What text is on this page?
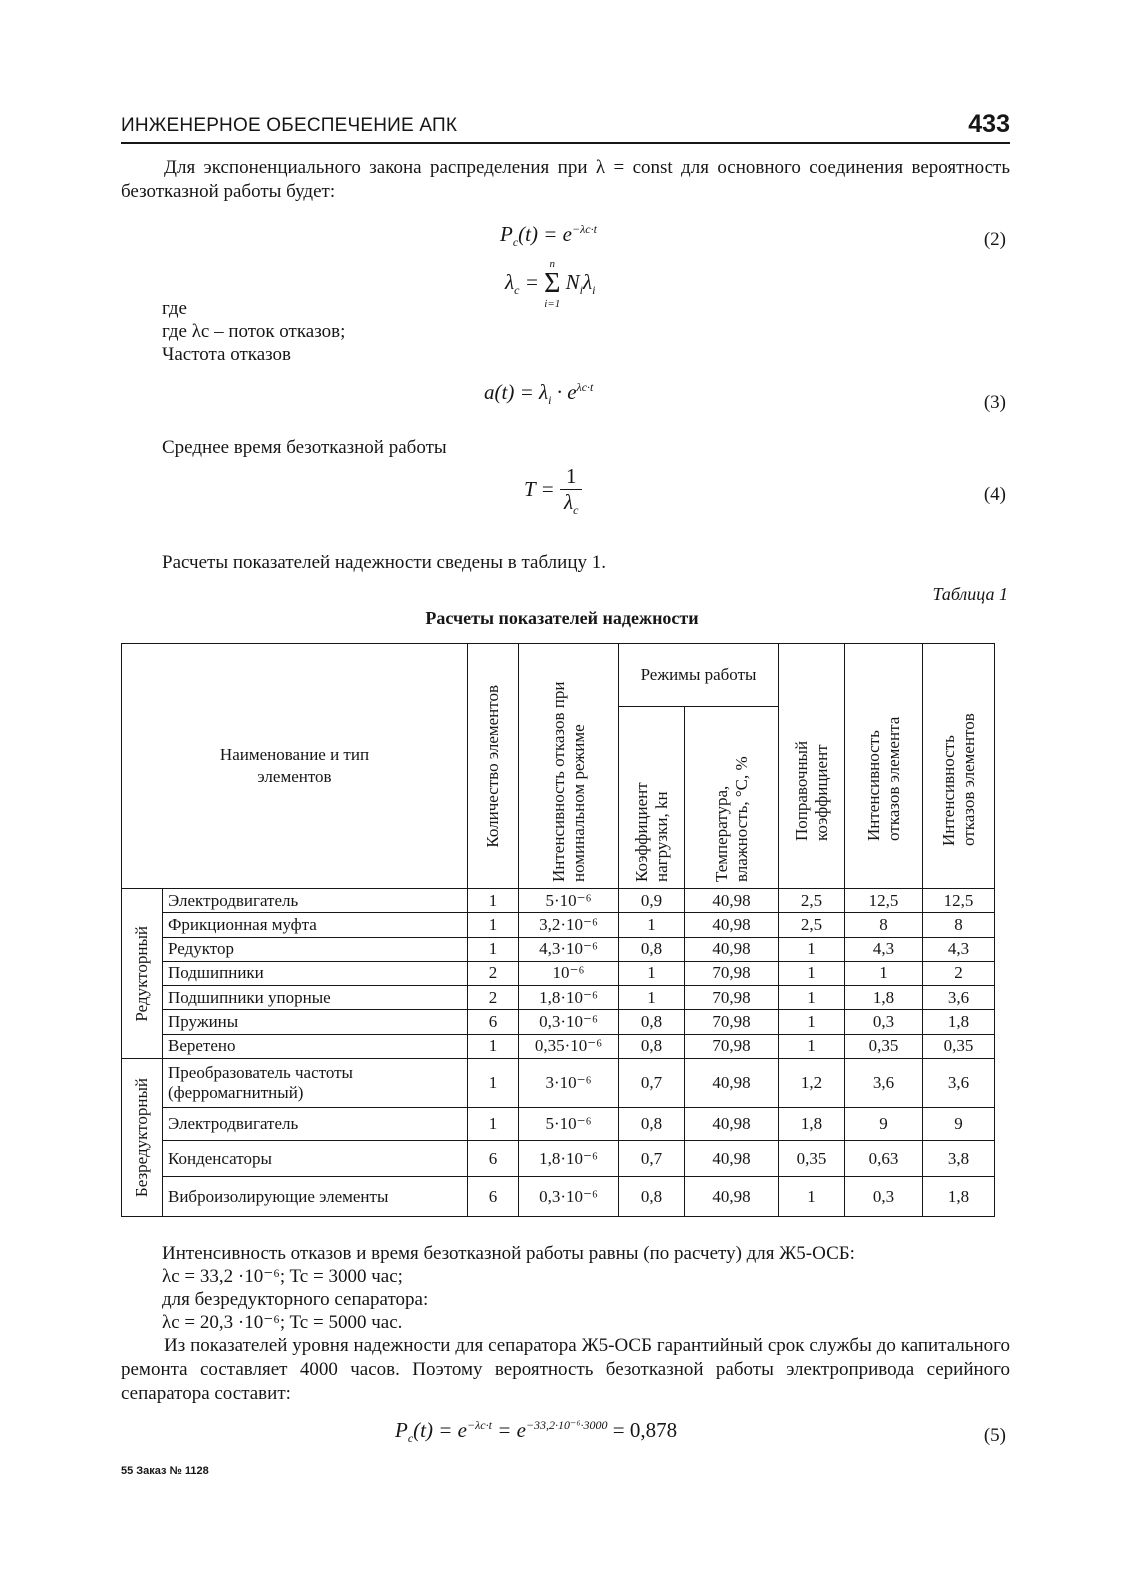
ИНЖЕНЕРНОЕ ОБЕСПЕЧЕНИЕ АПК	433
Для экспоненциального закона распределения при λ = const для основного соединения вероятность безотказной работы будет:
$P_c(t) = e^{-\lambda c\cdot t}$	(2)
$\lambda_c$ =
n
Σ
i=1
$N_i\lambda_i$
где
где λc – поток отказов;
Частота отказов
$a(t) = \lambda_i \cdot e^{\lambda c\cdot t}$
(3)
Среднее время безотказной работы
$T = \frac{1}{\lambda_c}$	(4)
Расчеты показателей надежности сведены в таблицу 1.
Таблица 1
Расчеты показателей надежности
Наименование и тип элементов		Количество элементов	Интенсивность отказов при номинальном режиме	Режимы работы		Поправочный коэффициент	Интенсивность отказов элемента	Интенсивность отказов элементов

				Коэффициент нагрузки, kн	Температура, влажность, °С, %			

Редукторный	Электродвигатель	1	5·10⁻⁶	0,9	40,98	2,5	12,5	12,5
	Фрикционная муфта	1	3,2·10⁻⁶	1	40,98	2,5	8	8
	Редуктор	1	4,3·10⁻⁶	0,8	40,98	1	4,3	4,3
	Подшипники	2	10⁻⁶	1	70,98	1	1	2
	Подшипники упорные	2	1,8·10⁻⁶	1	70,98	1	1,8	3,6
	Пружины	6	0,3·10⁻⁶	0,8	70,98	1	0,3	1,8
	Веретено	1	0,35·10⁻⁶	0,8	70,98	1	0,35	0,35

Безредукторный	Преобразователь частоты (ферромагнитный)	1	3·10⁻⁶	0,7	40,98	1,2	3,6	3,6
	Электродвигатель	1	5·10⁻⁶	0,8	40,98	1,8	9	9
	Конденсаторы	6	1,8·10⁻⁶	0,7	40,98	0,35	0,63	3,8
	Виброизолирующие элементы	6	0,3·10⁻⁶	0,8	40,98	1	0,3	1,8
Интенсивность отказов и время безотказной работы равны (по расчету) для Ж5-ОСБ:
λc = 33,2 ·10⁻⁶; Tc = 3000 час;
для безредукторного сепаратора:
λc = 20,3 ·10⁻⁶; Tc = 5000 час.
Из показателей уровня надежности для сепаратора Ж5-ОСБ гарантийный срок службы до капитального ремонта составляет 4000 часов. Поэтому вероятность безотказной работы электропривода серийного сепаратора составит:
$P_c(t) = e^{-\lambda c\cdot t} = e^{-33,2\cdot 10^{-6}\cdot 3000} = 0,878$	(5)
55 Заказ № 1128
